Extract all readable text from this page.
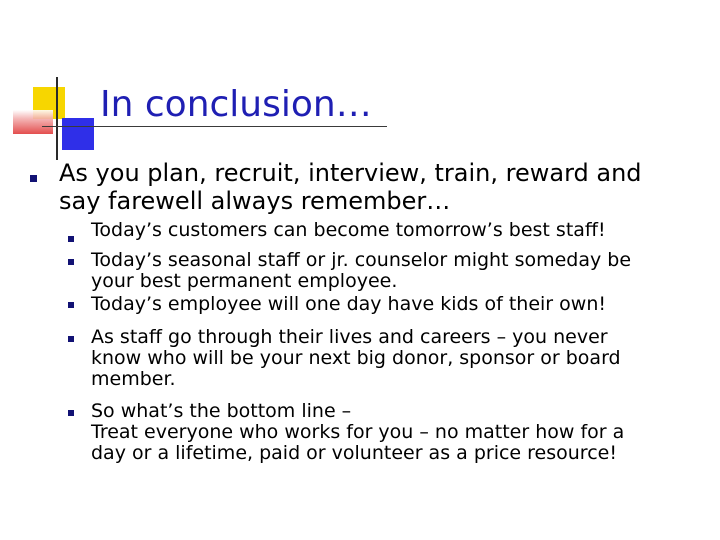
In conclusion…
As you plan, recruit, interview, train, reward and
say farewell always remember…
Today’s customers can become tomorrow’s best staff!
Today’s seasonal staff or jr. counselor might someday be
your best permanent employee.
Today’s employee will one day have kids of their own!
As staff go through their lives and careers – you never
know who will be your next big donor, sponsor or board
member.
So what’s the bottom line –
Treat everyone who works for you – no matter how for a
day or a lifetime, paid or volunteer as a price resource!
